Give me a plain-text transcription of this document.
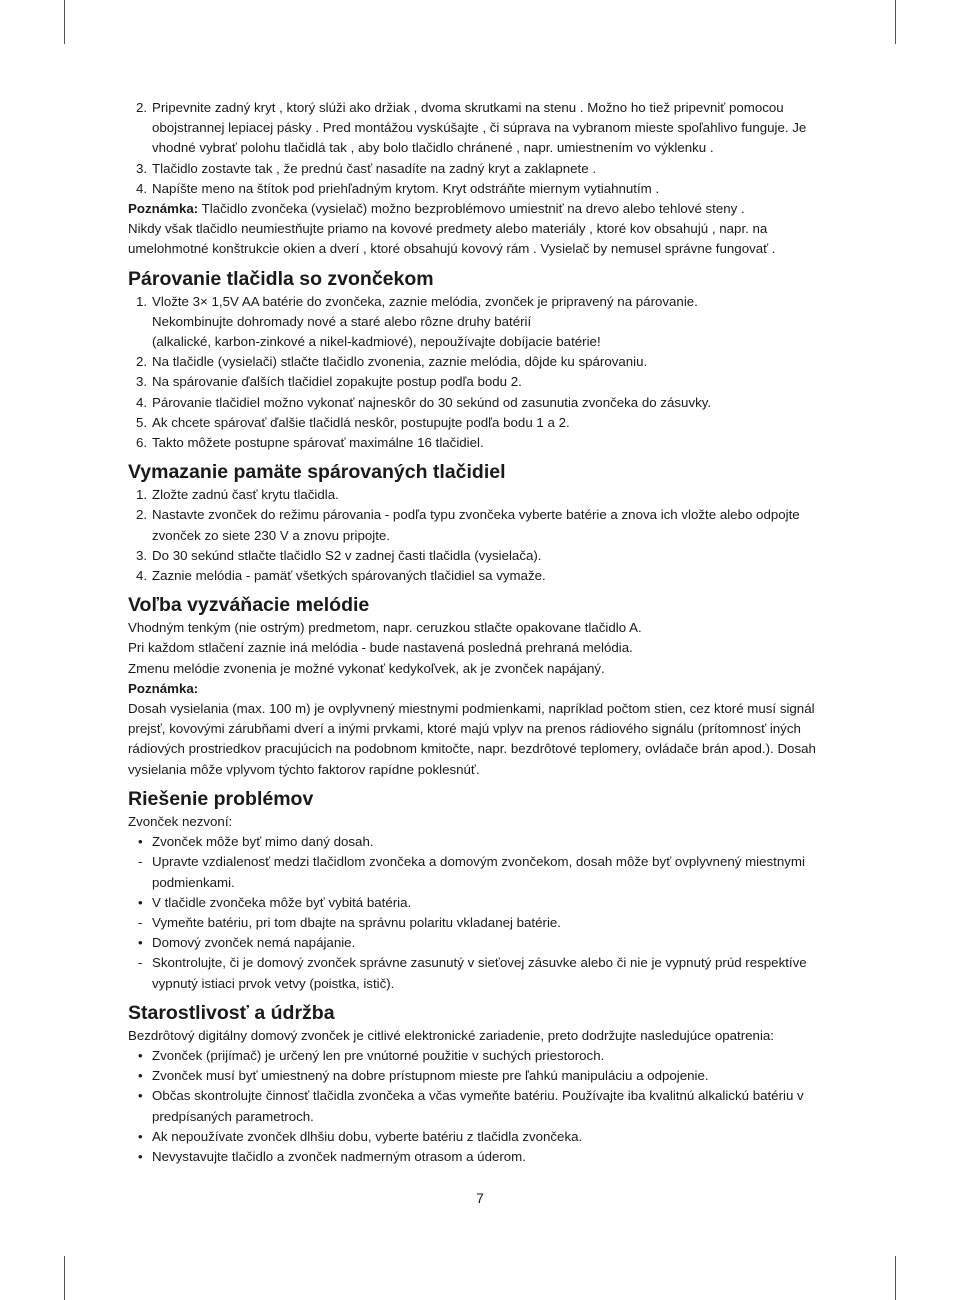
2. Pripevnite zadný kryt , ktorý slúži ako držiak , dvoma skrutkami na stenu . Možno ho tiež pripevniť pomocou obojstrannej lepiacej pásky . Pred montážou vyskúšajte , či súprava na vybranom mieste spoľahlivo funguje. Je vhodné vybrať polohu tlačidlá tak , aby bolo tlačidlo chránené , napr. umiestnením vo výklenku .
3. Tlačidlo zostavte tak , že prednú časť nasadíte na zadný kryt a zaklapnete .
4. Napíšte meno na štítok pod priehľadným krytom. Kryt odstráňte miernym vytiahnutím .

Poznámka: Tlačidlo zvončeka (vysielač) možno bezproblémovo umiestniť na drevo alebo tehlové steny .

Nikdy však tlačidlo neumiestňujte priamo na kovové predmety alebo materiály , ktoré kov obsahujú , napr. na umelohmotné konštrukcie okien a dverí , ktoré obsahujú kovový rám . Vysielač by nemusel správne fungovať .

Párovanie tlačidla so zvončekom
1. Vložte 3× 1,5V AA batérie do zvončeka, zaznie melódia, zvonček je pripravený na párovanie.
Nekombinujte dohromady nové a staré alebo rôzne druhy batérií
(alkalické, karbon-zinkové a nikel-kadmiové), nepoužívajte dobíjacie batérie!
2. Na tlačidle (vysielači) stlačte tlačidlo zvonenia, zaznie melódia, dôjde ku spárovaniu.
3. Na spárovanie ďalších tlačidiel zopakujte postup podľa bodu 2.
4. Párovanie tlačidiel možno vykonať najneskôr do 30 sekúnd od zasunutia zvončeka do zásuvky.
5. Ak chcete spárovať ďalšie tlačidlá neskôr, postupujte podľa bodu 1 a 2.
6. Takto môžete postupne spárovať maximálne 16 tlačidiel.
Vymazanie pamäte spárovaných tlačidiel
1. Zložte zadnú časť krytu tlačidla.
2. Nastavte zvonček do režimu párovania - podľa typu zvončeka vyberte batérie a znova ich vložte alebo odpojte zvonček zo siete 230 V a znovu pripojte.
3. Do 30 sekúnd stlačte tlačidlo S2 v zadnej časti tlačidla (vysielača).
4. Zaznie melódia - pamäť všetkých spárovaných tlačidiel sa vymaže.
Voľba vyzváňacie melódie

Vhodným tenkým (nie ostrým) predmetom, napr. ceruzkou stlačte opakovane tlačidlo A.

Pri každom stlačení zaznie iná melódia - bude nastavená posledná prehraná melódia.

Zmenu melódie zvonenia je možné vykonať kedykoľvek, ak je zvonček napájaný.

Poznámka:

Dosah vysielania (max. 100 m) je ovplyvnený miestnymi podmienkami, napríklad počtom stien, cez ktoré musí signál prejsť, kovovými zárubňami dverí a inými prvkami, ktoré majú vplyv na prenos rádiového signálu (prítomnosť iných rádiových prostriedkov pracujúcich na podobnom kmitočte, napr. bezdrôtové teplomery, ovládače brán apod.). Dosah vysielania môže vplyvom týchto faktorov rapídne poklesnúť.

Riešenie problémov

Zvonček nezvoní:

• Zvonček môže byť mimo daný dosah.
- Upravte vzdialenosť medzi tlačidlom zvončeka a domovým zvončekom, dosah môže byť ovplyvnený miestnymi podmienkami.
• V tlačidle zvončeka môže byť vybitá batéria.
- Vymeňte batériu, pri tom dbajte na správnu polaritu vkladanej batérie.
• Domový zvonček nemá napájanie.
- Skontrolujte, či je domový zvonček správne zasunutý v sieťovej zásuvke alebo či nie je vypnutý prúd respektíve vypnutý istiaci prvok vetvy (poistka, istič).
Starostlivosť a údržba

Bezdrôtový digitálny domový zvonček je citlivé elektronické zariadenie, preto dodržujte nasledujúce opatrenia:

• Zvonček (prijímač) je určený len pre vnútorné použitie v suchých priestoroch.
• Zvonček musí byť umiestnený na dobre prístupnom mieste pre ľahkú manipuláciu a odpojenie.
• Občas skontrolujte činnosť tlačidla zvončeka a včas vymeňte batériu. Používajte iba kvalitnú alkalickú batériu v predpísaných parametroch.
• Ak nepoužívate zvonček dlhšiu dobu, vyberte batériu z tlačidla zvončeka.
• Nevystavujte tlačidlo a zvonček nadmerným otrasom a úderom.
7
